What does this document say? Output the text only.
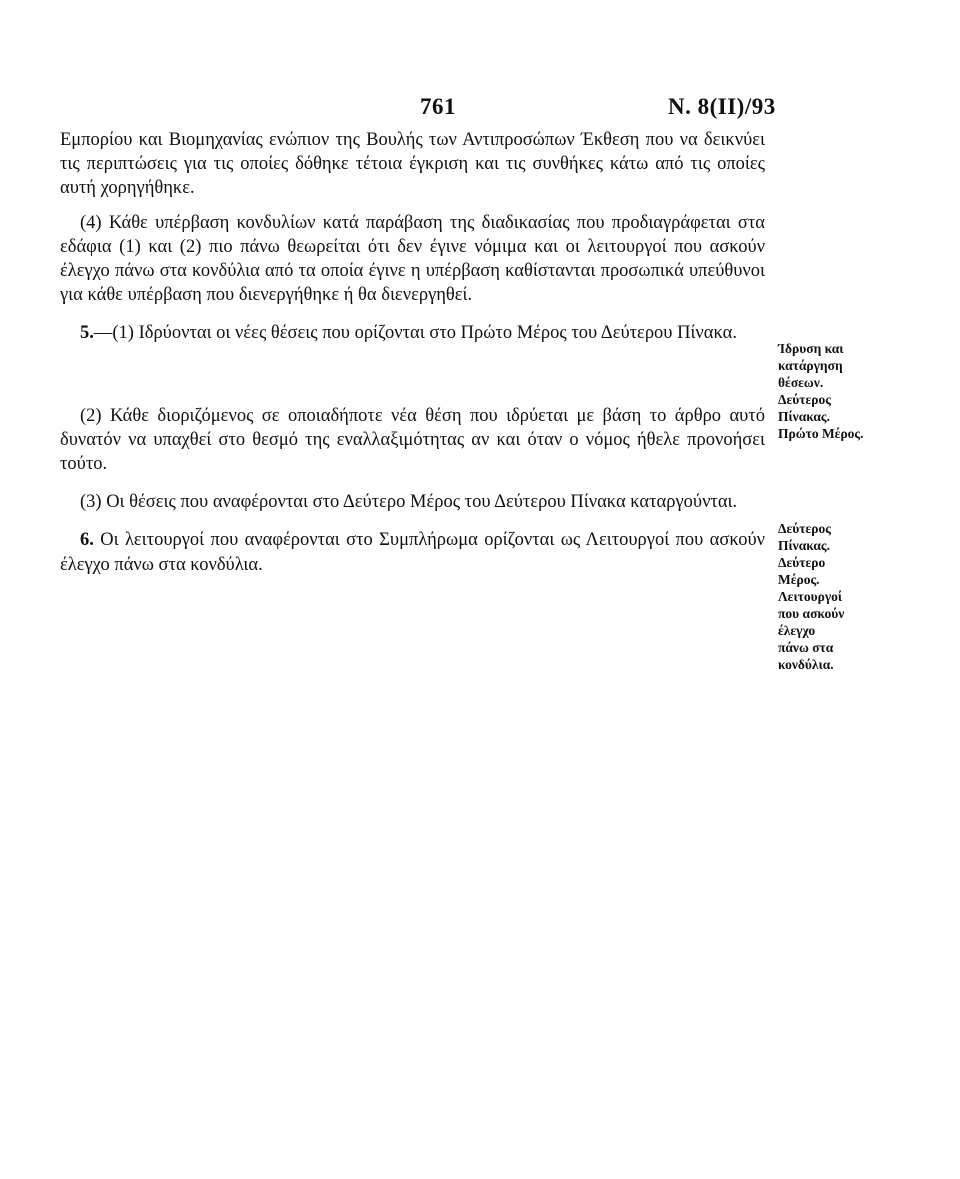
761	N. 8(II)/93

Εμπορίου και Βιομηχανίας ενώπιον της Βουλής των Αντιπροσώπων Έκθεση που να δεικνύει τις περιπτώσεις για τις οποίες δόθηκε τέτοια έγκριση και τις συνθήκες κάτω από τις οποίες αυτή χορηγήθηκε.

(4) Κάθε υπέρβαση κονδυλίων κατά παράβαση της διαδικασίας που προδιαγράφεται στα εδάφια (1) και (2) πιο πάνω θεωρείται ότι δεν έγινε νόμιμα και οι λειτουργοί που ασκούν έλεγχο πάνω στα κονδύλια από τα οποία έγινε η υπέρβαση καθίστανται προσωπικά υπεύθυνοι για κάθε υπέρβαση που διενεργήθηκε ή θα διενεργηθεί.

5.—(1) Ιδρύονται οι νέες θέσεις που ορίζονται στο Πρώτο Μέρος του Δεύτερου Πίνακα.

(2) Κάθε διοριζόμενος σε οποιαδήποτε νέα θέση που ιδρύεται με βάση το άρθρο αυτό δυνατόν να υπαχθεί στο θεσμό της εναλλαξιμότητας αν και όταν ο νόμος ήθελε προνοήσει τούτο.

(3) Οι θέσεις που αναφέρονται στο Δεύτερο Μέρος του Δεύτερου Πίνακα καταργούνται.

6. Οι λειτουργοί που αναφέρονται στο Συμπλήρωμα ορίζονται ως Λειτουργοί που ασκούν έλεγχο πάνω στα κονδύλια.

Ίδρυση και
κατάργηση
θέσεων.
Δεύτερος
Πίνακας.
Πρώτο Μέρος.
Δεύτερος
Πίνακας.
Δεύτερο
Μέρος.
Λειτουργοί
που ασκούν
έλεγχο
πάνω στα
κονδύλια.
